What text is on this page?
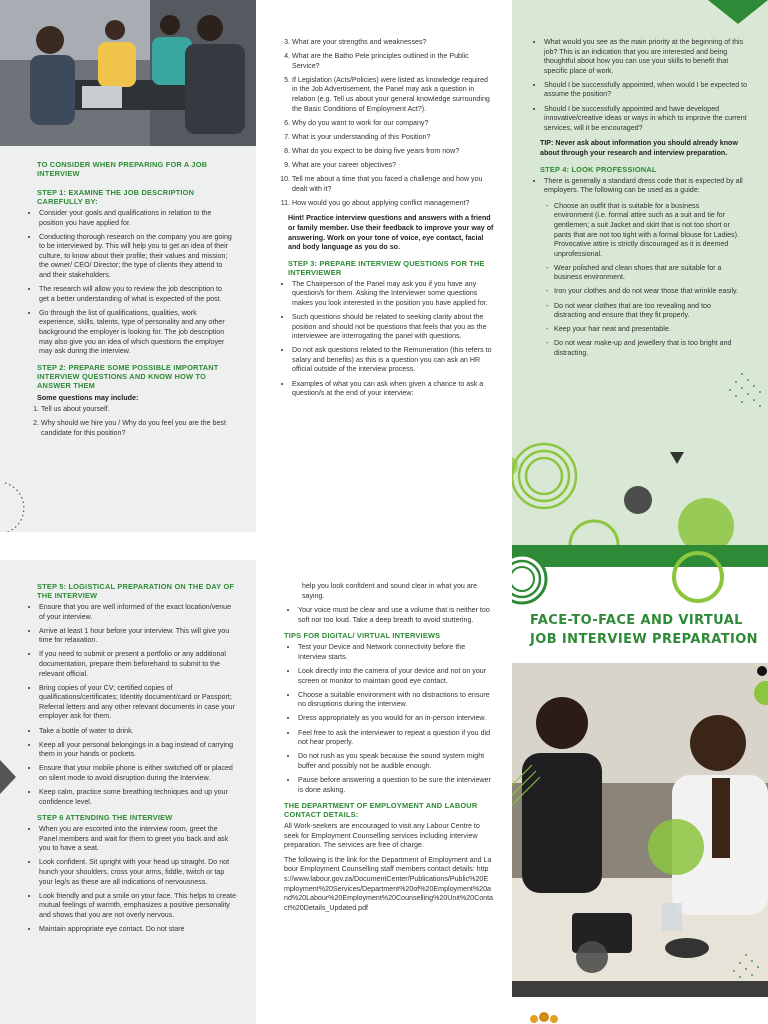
TO CONSIDER WHEN PREPARING FOR A JOB INTERVIEW
STEP 1: EXAMINE THE JOB DESCRIPTION CAREFULLY BY:
• Consider your goals and qualifications in relation to the position you have applied for.
• Conducting thorough research on the company you are going to be interviewed by. This will help you to get an idea of their culture, to know about their profile; their values and mission; the owner/ CEO/ Director; the type of clients they attend to and their stakeholders.
• The research will allow you to review the job description to get a better understanding of what is expected of the post.
• Go through the list of qualifications, qualities, work experience, skills, talents, type of personality and any other background the employer is looking for. The job description may also give you an idea of which questions the employer may ask during the interview.
STEP 2: PREPARE SOME POSSIBLE IMPORTANT INTERVIEW QUESTIONS AND KNOW HOW TO ANSWER THEM
Some questions may include:
1. Tell us about yourself.
2. Why should we hire you / Why do you feel you are the best candidate for this position?
3. What are your strengths and weaknesses?
4. What are the Batho Pele principles outlined in the Public Service?
5. If Legislation (Acts/Policies) were listed as knowledge required in the Job Advertisement, the Panel may ask a question in relation (e.g. Tell us about your general knowledge surrounding the Basic Conditions of Employment Act?).
6. Why do you want to work for our company?
7. What is your understanding of this Position?
8. What do you expect to be doing five years from now?
9. What are your career objectives?
10. Tell me about a time that you faced a challenge and how you dealt with it?
11. How would you go about applying conflict management?

Hint! Practice interview questions and answers with a friend or family member. Use their feedback to improve your way of answering. Work on your tone of voice, eye contact, facial and body language as you do so.

STEP 3: PREPARE INTERVIEW QUESTIONS FOR THE INTERVIEWER
• The Chairperson of the Panel may ask you if you have any question/s for them. Asking the Interviewer some questions makes you look interested in the position you have applied for.
• Such questions should be related to seeking clarity about the position and should not be questions that feels that you as the interviewee are interrogating the panel with questions.
• Do not ask questions related to the Remuneration (this refers to salary and benefits) as this is a question you can ask an HR official outside of the interview process.
• Examples of what you can ask when given a chance to ask a question/s at the end of your interview:
• What would you see as the main priority at the beginning of this job? This is an indication that you are interested and being thoughtful about how you can use your skills to benefit that specific place of work.
• Should I be successfully appointed, when would I be expected to assume the position?
• Should I be successfully appointed and have developed innovative/creative ideas or ways in which to improve the current services, will it be encouraged?

TIP: Never ask about information you should already know about through your research and interview preparation.

STEP 4: LOOK PROFESSIONAL
• There is generally a standard dress code that is expected by all employers. The following can be used as a guide:
- Choose an outfit that is suitable for a business environment (i.e. formal attire such as a suit and tie for gentlemen; a suit Jacket and skirt that is not too short or pants that are not too tight with a formal blouse for Ladies). Provocative attire is strictly discouraged as it is deemed unprofessional.
- Wear polished and clean shoes that are suitable for a business environment.
- Iron your clothes and do not wear those that wrinkle easily.
- Do not wear clothes that are too revealing and too distracting and ensure that they fit properly.
- Keep your hair neat and presentable.
- Do not wear make-up and jewellery that is too bright and distracting.
STEP 5: LOGISTICAL PREPARATION ON THE DAY OF THE INTERVIEW
• Ensure that you are well informed of the exact location/venue of your interview.
• Arrive at least 1 hour before your interview. This will give you time for relaxation.
• If you need to submit or present a portfolio or any additional documentation, prepare them beforehand to submit to the relevant official.
• Bring copies of your CV; certified copies of qualifications/certificates; Identity document/card or Passport; Referral letters and any other relevant documents in case your employer ask for them.
• Take a bottle of water to drink.
• Keep all your personal belongings in a bag instead of carrying them in your hands or pockets.
• Ensure that your mobile phone is either switched off or placed on silent mode to avoid disruption during the Interview.
• Keep calm, practice some breathing techniques and up your confidence level.
STEP 6 ATTENDING THE INTERVIEW
• When you are escorted into the interview room, greet the Panel members and wait for them to greet you back and ask you to have a seat.
• Look confident. Sit upright with your head up straight. Do not hunch your shoulders, cross your arms, fiddle, twitch or tap your leg/s as these are all indications of nervousness.
• Look friendly and put a smile on your face. This helps to create mutual feelings of warmth, emphasizes a positive personality and shows that you are not overly nervous.
• Maintain appropriate eye contact. Do not stare

help you look confident and sound clear in what you are saying.

• Your voice must be clear and use a volume that is neither too soft nor too loud. Take a deep breath to avoid stuttering.
TIPS FOR DIGITAL/ VIRTUAL INTERVIEWS
• Test your Device and Network connectivity before the Interview starts.
• Look directly into the camera of your device and not on your screen or monitor to maintain good eye contact.
• Choose a suitable environment with no distractions to ensure no disruptions during the interview.
• Dress appropriately as you would for an in-person interview.
• Feel free to ask the interviewer to repeat a question if you did not hear properly.
• Do not rush as you speak because the sound system might buffer and possibly not be audible enough.
• Pause before answering a question to be sure the interviewer is done asking.
THE DEPARTMENT OF EMPLOYMENT AND LABOUR CONTACT DETAILS:

All Work-seekers are encouraged to visit any Labour Centre to seek for Employment Counselling services including interview preparation. The services are free of charge.

The following is the link for the Department of Employment and Labour Employment Counselling staff members contact details: https://www.labour.gov.za/DocumentCenter/Publications/Public%20Employment%20Services/Department%20of%20Employment%20and%20Labour%20Employment%20Counselling%20Unit%20Contact%20Details_Updated.pdf

FACE-TO-FACE AND VIRTUAL
JOB INTERVIEW PREPARATION
